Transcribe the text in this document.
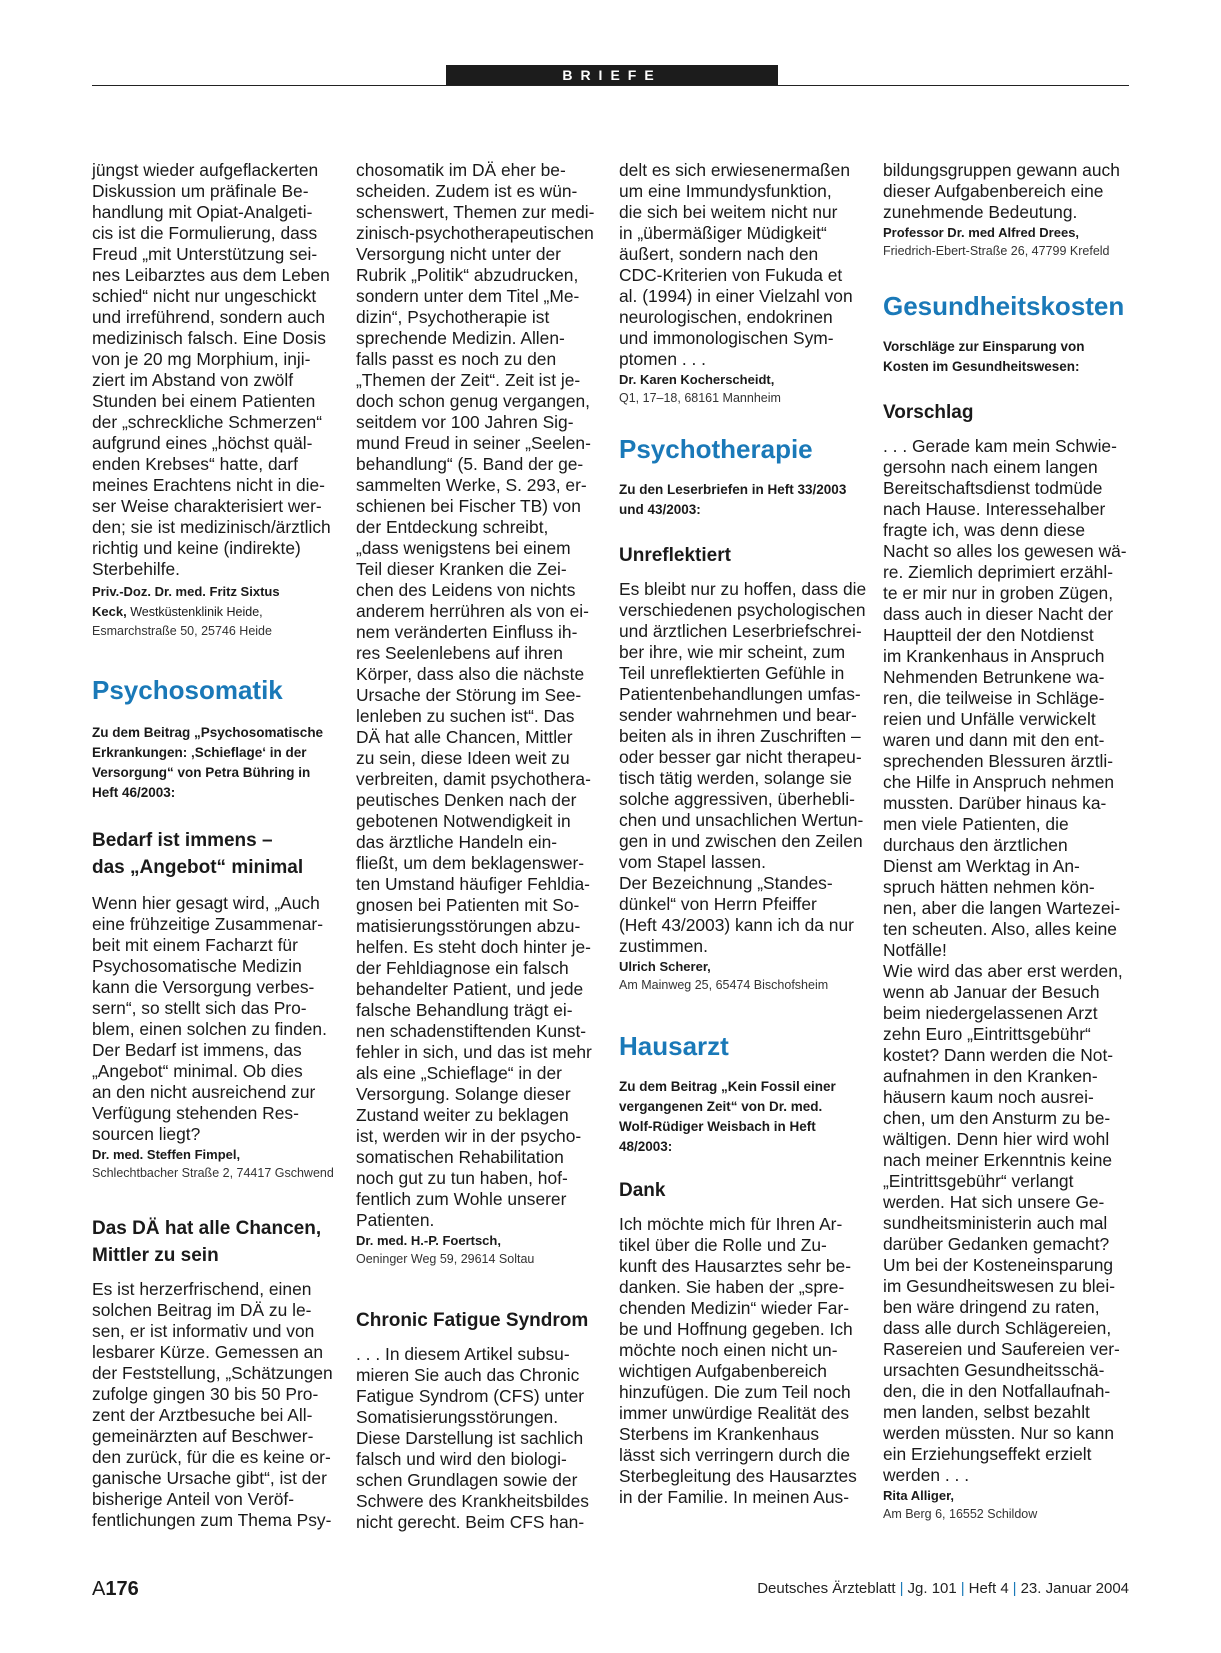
BRIEFE

jüngst wieder aufgeflackerten
Diskussion um präfinale Be-
handlung mit Opiat-Analgeti-
cis ist die Formulierung, dass
Freud „mit Unterstützung sei-
nes Leibarztes aus dem Leben
schied“ nicht nur ungeschickt
und irreführend, sondern auch
medizinisch falsch. Eine Dosis
von je 20 mg Morphium, inji-
ziert im Abstand von zwölf
Stunden bei einem Patienten
der „schreckliche Schmerzen“
aufgrund eines „höchst quäl-
enden Krebses“ hatte, darf
meines Erachtens nicht in die-
ser Weise charakterisiert wer-
den; sie ist medizinisch/ärztlich
richtig und keine (indirekte)
Sterbehilfe.

Priv.-Doz. Dr. med. Fritz Sixtus
Keck, Westküstenklinik Heide,

Esmarchstraße 50, 25746 Heide

Psychosomatik

Zu dem Beitrag „Psychosomatische
Erkrankungen: ‚Schieflage‘ in der
Versorgung“ von Petra Bühring in
Heft 46/2003:

Bedarf ist immens –
das „Angebot“ minimal

Wenn hier gesagt wird, „Auch
eine frühzeitige Zusammenar-
beit mit einem Facharzt für
Psychosomatische Medizin
kann die Versorgung verbes-
sern“, so stellt sich das Pro-
blem, einen solchen zu finden.
Der Bedarf ist immens, das
„Angebot“ minimal. Ob dies
an den nicht ausreichend zur
Verfügung stehenden Res-
sourcen liegt?

Dr. med. Steffen Fimpel,

Schlechtbacher Straße 2, 74417 Gschwend

Das DÄ hat alle Chancen,
Mittler zu sein

Es ist herzerfrischend, einen
solchen Beitrag im DÄ zu le-
sen, er ist informativ und von
lesbarer Kürze. Gemessen an
der Feststellung, „Schätzungen
zufolge gingen 30 bis 50 Pro-
zent der Arztbesuche bei All-
gemeinärzten auf Beschwer-
den zurück, für die es keine or-
ganische Ursache gibt“, ist der
bisherige Anteil von Veröf-
fentlichungen zum Thema Psy-

chosomatik im DÄ eher be-
scheiden. Zudem ist es wün-
schenswert, Themen zur medi-
zinisch-psychotherapeutischen
Versorgung nicht unter der
Rubrik „Politik“ abzudrucken,
sondern unter dem Titel „Me-
dizin“, Psychotherapie ist
sprechende Medizin. Allen-
falls passt es noch zu den
„Themen der Zeit“. Zeit ist je-
doch schon genug vergangen,
seitdem vor 100 Jahren Sig-
mund Freud in seiner „Seelen-
behandlung“ (5. Band der ge-
sammelten Werke, S. 293, er-
schienen bei Fischer TB) von
der Entdeckung schreibt,
„dass wenigstens bei einem
Teil dieser Kranken die Zei-
chen des Leidens von nichts
anderem herrühren als von ei-
nem veränderten Einfluss ih-
res Seelenlebens auf ihren
Körper, dass also die nächste
Ursache der Störung im See-
lenleben zu suchen ist“. Das
DÄ hat alle Chancen, Mittler
zu sein, diese Ideen weit zu
verbreiten, damit psychothera-
peutisches Denken nach der
gebotenen Notwendigkeit in
das ärztliche Handeln ein-
fließt, um dem beklagenswer-
ten Umstand häufiger Fehldia-
gnosen bei Patienten mit So-
matisierungsstörungen abzu-
helfen. Es steht doch hinter je-
der Fehldiagnose ein falsch
behandelter Patient, und jede
falsche Behandlung trägt ei-
nen schadenstiftenden Kunst-
fehler in sich, und das ist mehr
als eine „Schieflage“ in der
Versorgung. Solange dieser
Zustand weiter zu beklagen
ist, werden wir in der psycho-
somatischen Rehabilitation
noch gut zu tun haben, hof-
fentlich zum Wohle unserer
Patienten.

Dr. med. H.-P. Foertsch,

Oeninger Weg 59, 29614 Soltau

Chronic Fatigue Syndrom

. . . In diesem Artikel subsu-
mieren Sie auch das Chronic
Fatigue Syndrom (CFS) unter
Somatisierungsstörungen.
Diese Darstellung ist sachlich
falsch und wird den biologi-
schen Grundlagen sowie der
Schwere des Krankheitsbildes
nicht gerecht. Beim CFS han-

delt es sich erwiesenermaßen
um eine Immundysfunktion,
die sich bei weitem nicht nur
in „übermäßiger Müdigkeit“
äußert, sondern nach den
CDC-Kriterien von Fukuda et
al. (1994) in einer Vielzahl von
neurologischen, endokrinen
und immonologischen Sym-
ptomen . . .

Dr. Karen Kocherscheidt,

Q1, 17–18, 68161 Mannheim

Psychotherapie

Zu den Leserbriefen in Heft 33/2003
und 43/2003:

Unreflektiert

Es bleibt nur zu hoffen, dass die
verschiedenen psychologischen
und ärztlichen Leserbriefschrei-
ber ihre, wie mir scheint, zum
Teil unreflektierten Gefühle in
Patientenbehandlungen umfas-
sender wahrnehmen und bear-
beiten als in ihren Zuschriften –
oder besser gar nicht therapeu-
tisch tätig werden, solange sie
solche aggressiven, überhebli-
chen und unsachlichen Wertun-
gen in und zwischen den Zeilen
vom Stapel lassen.
Der Bezeichnung „Standes-
dünkel“ von Herrn Pfeiffer
(Heft 43/2003) kann ich da nur
zustimmen.

Ulrich Scherer,

Am Mainweg 25, 65474 Bischofsheim

Hausarzt

Zu dem Beitrag „Kein Fossil einer
vergangenen Zeit“ von Dr. med.
Wolf-Rüdiger Weisbach in Heft
48/2003:

Dank

Ich möchte mich für Ihren Ar-
tikel über die Rolle und Zu-
kunft des Hausarztes sehr be-
danken. Sie haben der „spre-
chenden Medizin“ wieder Far-
be und Hoffnung gegeben. Ich
möchte noch einen nicht un-
wichtigen Aufgabenbereich
hinzufügen. Die zum Teil noch
immer unwürdige Realität des
Sterbens im Krankenhaus
lässt sich verringern durch die
Sterbegleitung des Hausarztes
in der Familie. In meinen Aus-

bildungsgruppen gewann auch
dieser Aufgabenbereich eine
zunehmende Bedeutung.

Professor Dr. med Alfred Drees,

Friedrich-Ebert-Straße 26, 47799 Krefeld

Gesundheitskosten

Vorschläge zur Einsparung von
Kosten im Gesundheitswesen:

Vorschlag

. . . Gerade kam mein Schwie-
gersohn nach einem langen
Bereitschaftsdienst todmüde
nach Hause. Interessehalber
fragte ich, was denn diese
Nacht so alles los gewesen wä-
re. Ziemlich deprimiert erzähl-
te er mir nur in groben Zügen,
dass auch in dieser Nacht der
Hauptteil der den Notdienst
im Krankenhaus in Anspruch
Nehmenden Betrunkene wa-
ren, die teilweise in Schläge-
reien und Unfälle verwickelt
waren und dann mit den ent-
sprechenden Blessuren ärztli-
che Hilfe in Anspruch nehmen
mussten. Darüber hinaus ka-
men viele Patienten, die
durchaus den ärztlichen
Dienst am Werktag in An-
spruch hätten nehmen kön-
nen, aber die langen Wartezei-
ten scheuten. Also, alles keine
Notfälle!
Wie wird das aber erst werden,
wenn ab Januar der Besuch
beim niedergelassenen Arzt
zehn Euro „Eintrittsgebühr“
kostet? Dann werden die Not-
aufnahmen in den Kranken-
häusern kaum noch ausrei-
chen, um den Ansturm zu be-
wältigen. Denn hier wird wohl
nach meiner Erkenntnis keine
„Eintrittsgebühr“ verlangt
werden. Hat sich unsere Ge-
sundheitsministerin auch mal
darüber Gedanken gemacht?
Um bei der Kosteneinsparung
im Gesundheitswesen zu blei-
ben wäre dringend zu raten,
dass alle durch Schlägereien,
Rasereien und Saufereien ver-
ursachten Gesundheitsschä-
den, die in den Notfallaufnah-
men landen, selbst bezahlt
werden müssten. Nur so kann
ein Erziehungseffekt erzielt
werden . . .

Rita Alliger,

Am Berg 6, 16552 Schildow

A176	Deutsches Ärzteblatt | Jg. 101 | Heft 4 | 23. Januar 2004
